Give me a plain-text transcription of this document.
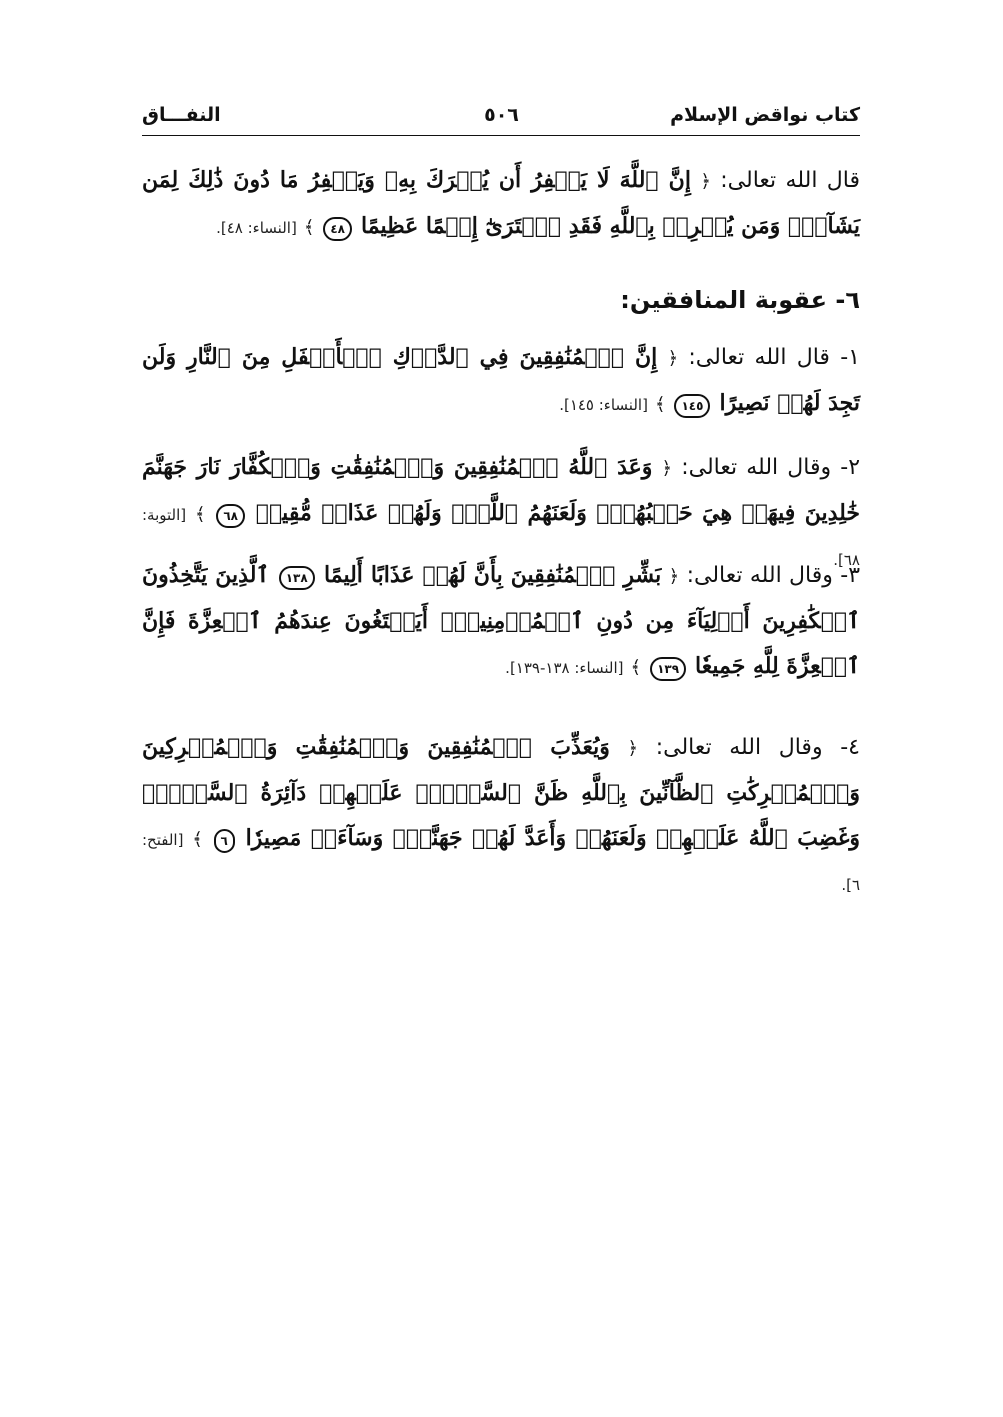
كتاب نواقض الإسلام
٥٠٦
النفـــاق
قال الله تعالى: ﴿ إِنَّ ٱللَّهَ لَا يَغۡفِرُ أَن يُشۡرَكَ بِهِۦ وَيَغۡفِرُ مَا دُونَ ذَٰلِكَ لِمَن يَشَآءُۚ وَمَن يُشۡرِكۡ بِٱللَّهِ فَقَدِ ٱفۡتَرَىٰٓ إِثۡمًا عَظِيمًا ٤٨ ﴾ [النساء: ٤٨].
٦- عقوبة المنافقين:
١- قال الله تعالى: ﴿ إِنَّ ٱلۡمُنَٰفِقِينَ فِي ٱلدَّرۡكِ ٱلۡأَسۡفَلِ مِنَ ٱلنَّارِ وَلَن تَجِدَ لَهُمۡ نَصِيرًا ١٤٥ ﴾ [النساء: ١٤٥].
٢- وقال الله تعالى: ﴿ وَعَدَ ٱللَّهُ ٱلۡمُنَٰفِقِينَ وَٱلۡمُنَٰفِقَٰتِ وَٱلۡكُفَّارَ نَارَ جَهَنَّمَ خَٰلِدِينَ فِيهَاۚ هِيَ حَسۡبُهُمۡۚ وَلَعَنَهُمُ ٱللَّهُۖ وَلَهُمۡ عَذَابٞ مُّقِيمٞ ٦٨ ﴾ [التوبة: ٦٨].
٣- وقال الله تعالى: ﴿ بَشِّرِ ٱلۡمُنَٰفِقِينَ بِأَنَّ لَهُمۡ عَذَابًا أَلِيمًا ١٣٨ ٱلَّذِينَ يَتَّخِذُونَ ٱلۡكَٰفِرِينَ أَوۡلِيَآءَ مِن دُونِ ٱلۡمُؤۡمِنِينَۚ أَيَبۡتَغُونَ عِندَهُمُ ٱلۡعِزَّةَ فَإِنَّ ٱلۡعِزَّةَ لِلَّهِ جَمِيعٗا ١٣٩ ﴾ [النساء: ١٣٨-١٣٩].
٤- وقال الله تعالى: ﴿ وَيُعَذِّبَ ٱلۡمُنَٰفِقِينَ وَٱلۡمُنَٰفِقَٰتِ وَٱلۡمُشۡرِكِينَ وَٱلۡمُشۡرِكَٰتِ ٱلظَّآنِّينَ بِٱللَّهِ ظَنَّ ٱلسَّوۡءِۚ عَلَيۡهِمۡ دَآئِرَةُ ٱلسَّوۡءِۖ وَغَضِبَ ٱللَّهُ عَلَيۡهِمۡ وَلَعَنَهُمۡ وَأَعَدَّ لَهُمۡ جَهَنَّمَۖ وَسَآءَتۡ مَصِيرٗا ٦ ﴾ [الفتح: ٦].
